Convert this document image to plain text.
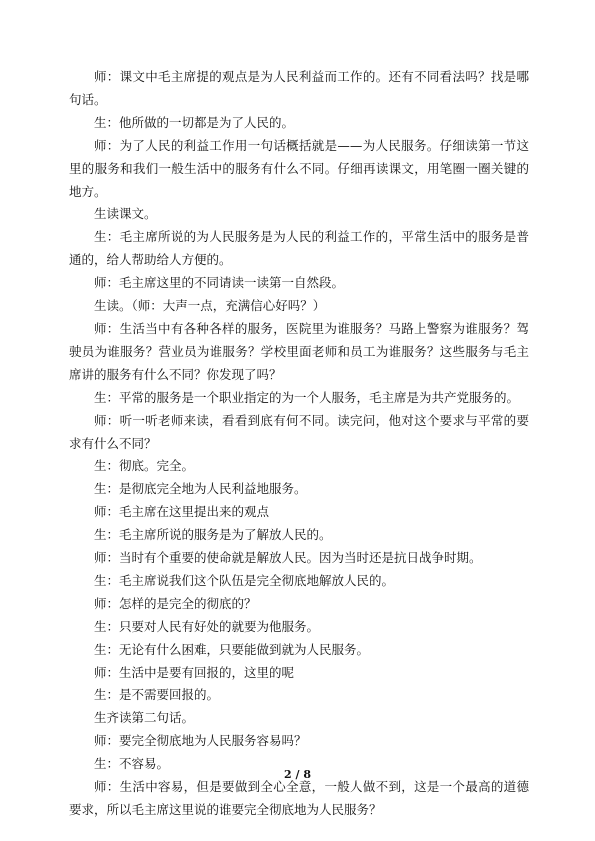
师：课文中毛主席提的观点是为人民利益而工作的。还有不同看法吗？找是哪句话。

生：他所做的一切都是为了人民的。

师：为了人民的利益工作用一句话概括就是——为人民服务。仔细读第一节这里的服务和我们一般生活中的服务有什么不同。仔细再读课文，用笔圈一圈关键的地方。

生读课文。

生：毛主席所说的为人民服务是为人民的利益工作的，平常生活中的服务是普通的，给人帮助给人方便的。

师：毛主席这里的不同请读一读第一自然段。

生读。（师：大声一点，充满信心好吗？）

师：生活当中有各种各样的服务，医院里为谁服务？马路上警察为谁服务？驾驶员为谁服务？营业员为谁服务？学校里面老师和员工为谁服务？这些服务与毛主席讲的服务有什么不同？你发现了吗？

生：平常的服务是一个职业指定的为一个人服务，毛主席是为共产党服务的。

师：听一听老师来读，看看到底有何不同。读完问，他对这个要求与平常的要求有什么不同？

生：彻底。完全。

生：是彻底完全地为人民利益地服务。

师：毛主席在这里提出来的观点

生：毛主席所说的服务是为了解放人民的。

师：当时有个重要的使命就是解放人民。因为当时还是抗日战争时期。

生：毛主席说我们这个队伍是完全彻底地解放人民的。

师：怎样的是完全的彻底的？

生：只要对人民有好处的就要为他服务。

生：无论有什么困难，只要能做到就为人民服务。

师：生活中是要有回报的，这里的呢

生：是不需要回报的。

生齐读第二句话。

师：要完全彻底地为人民服务容易吗？

生：不容易。

师：生活中容易，但是要做到全心全意，一般人做不到，这是一个最高的道德要求，所以毛主席这里说的谁要完全彻底地为人民服务？

2 / 8
